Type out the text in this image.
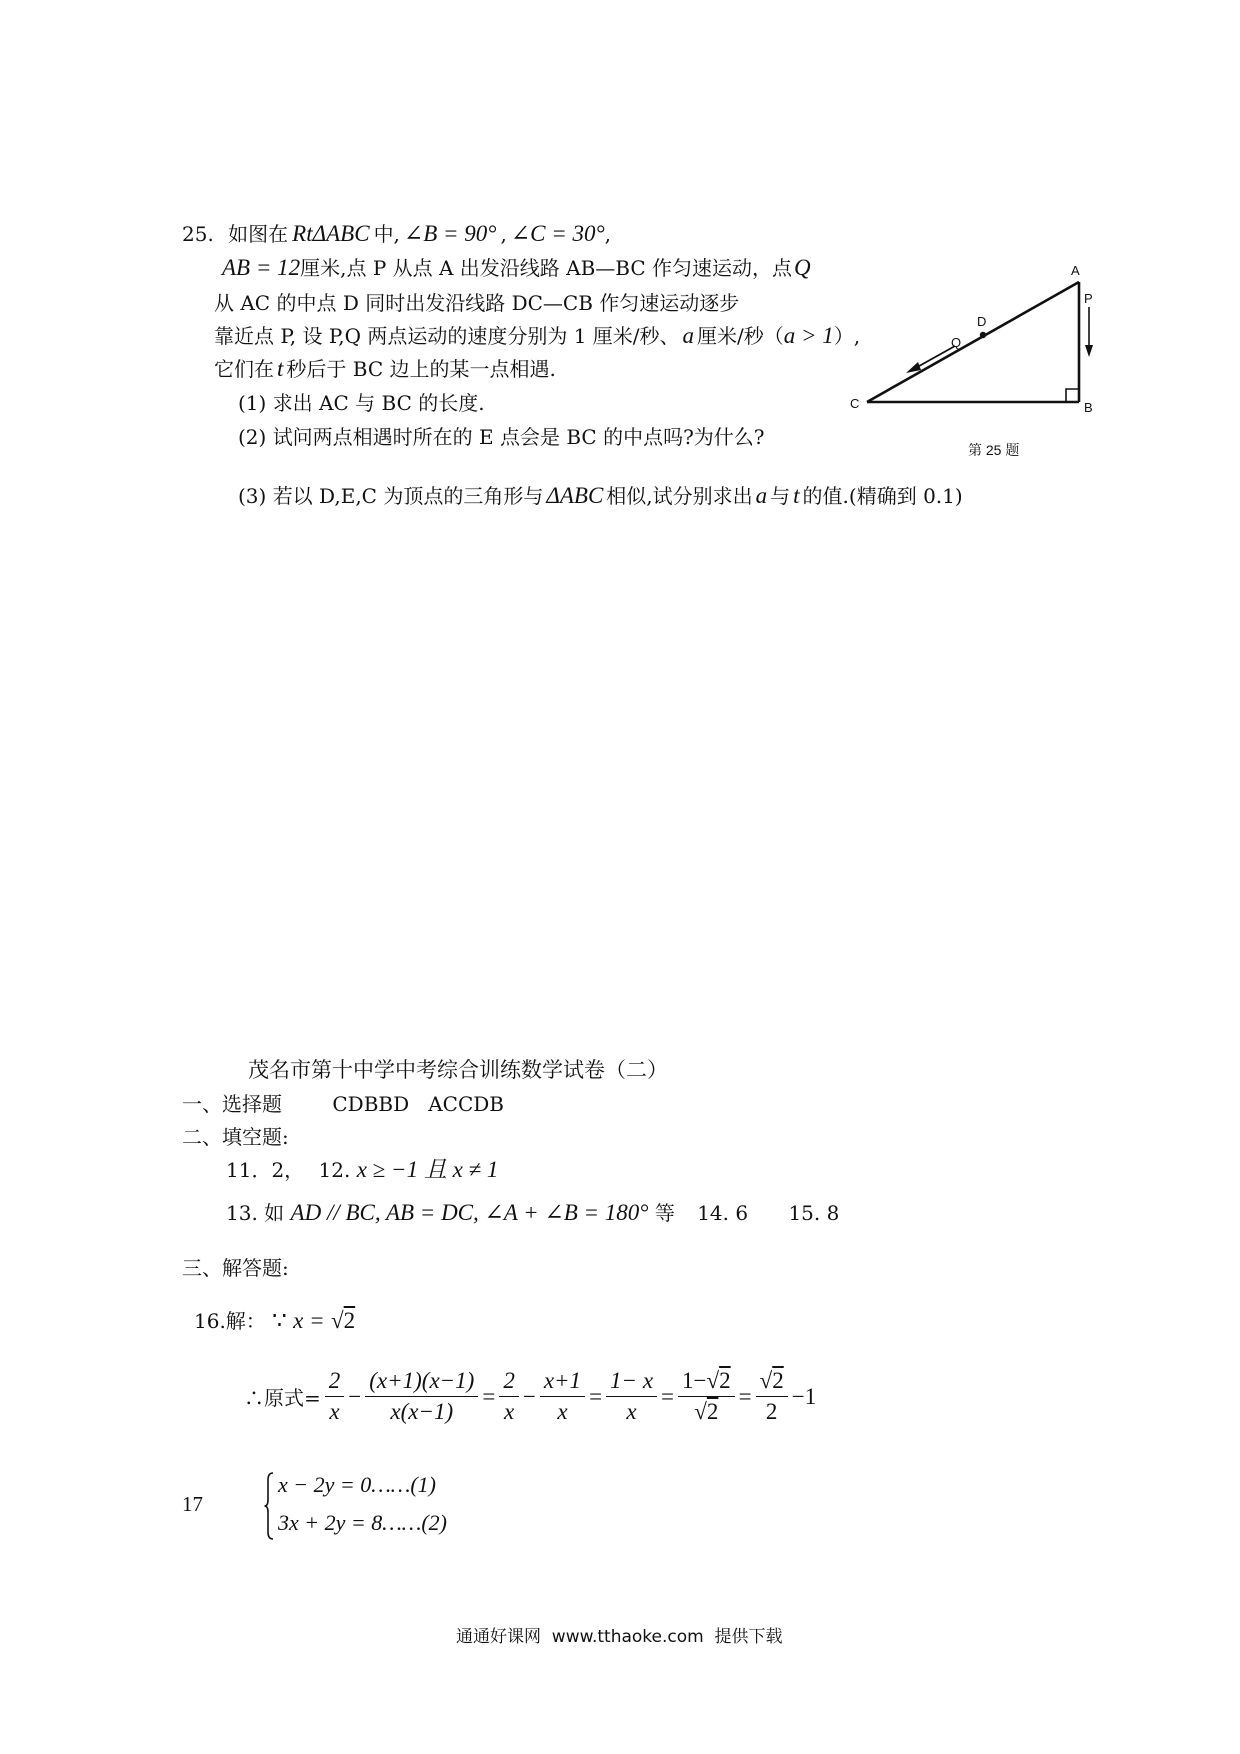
25. 如图在 RtΔABC 中, ∠B = 90° , ∠C = 30°,
AB = 12厘米,点 P 从点 A 出发沿线路 AB—BC 作匀速运动，点Q
从 AC 的中点 D 同时出发沿线路 DC—CB 作匀速运动逐步
靠近点 P, 设 P,Q 两点运动的速度分别为 1 厘米/秒、 a 厘米/秒（a > 1）,
它们在 t 秒后于 BC 边上的某一点相遇.
(1) 求出 AC 与 BC 的长度.
(2) 试问两点相遇时所在的 E 点会是 BC 的中点吗?为什么?
(3) 若以 D,E,C 为顶点的三角形与 ΔABC 相似,试分别求出 a 与 t 的值.(精确到 0.1)
A
B
C
D
P
Q
第 25 题
茂名市第十中学中考综合训练数学试卷（二）
一、选择题	CDBBD   ACCDB
二、填空题:
11．2， 12. x ≥ −1 且 x ≠ 1
13. 如 AD // BC, AB = DC, ∠A + ∠B = 180° 等 14. 6 15. 8
三、解答题:
16.解： ∵ x = √2
∴原式= $\frac{2}{x} - \frac{(x+1)(x-1)}{x(x-1)} = \frac{2}{x} - \frac{x+1}{x} = \frac{1- x}{x} = \frac{1-√2}{√2} = \frac{√2}{2} -1$
17
x − 2y = 0……(1)
3x + 2y = 8……(2)
通通好课网  www.tthaoke.com  提供下载
